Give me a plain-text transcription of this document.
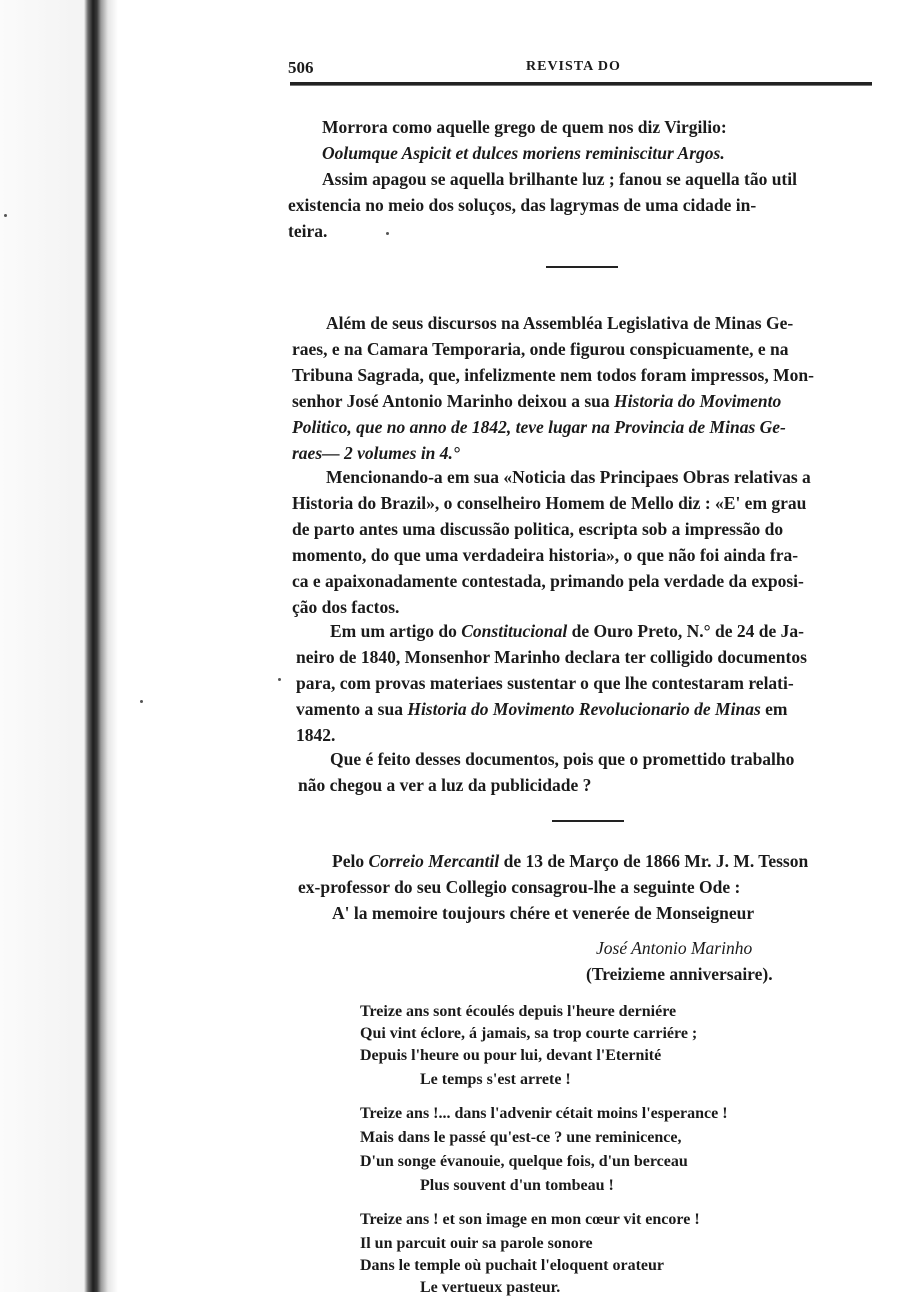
506	REVISTA DO
Morrora como aquelle grego de quem nos diz Virgilio:
Oolumque Aspicit et dulces moriens reminiscitur Argos.
Assim apagou se aquella brilhante luz ; fanou se aquella tão util
existencia no meio dos soluços, das lagrymas de uma cidade in-
teira.
Além de seus discursos na Assembléa Legislativa de Minas Ge-
raes, e na Camara Temporaria, onde figurou conspicuamente, e na
Tribuna Sagrada, que, infelizmente nem todos foram impressos, Mon-
senhor José Antonio Marinho deixou a sua Historia do Movimento
Politico, que no anno de 1842, teve lugar na Provincia de Minas Ge-
raes— 2 volumes in 4.°
Mencionando-a em sua «Noticia das Principaes Obras relativas a
Historia do Brazil», o conselheiro Homem de Mello diz : «E' em grau
de parto antes uma discussão politica, escripta sob a impressão do
momento, do que uma verdadeira historia», o que não foi ainda fra-
ca e apaixonadamente contestada, primando pela verdade da exposi-
ção dos factos.
Em um artigo do Constitucional de Ouro Preto, N.° de 24 de Ja-
neiro de 1840, Monsenhor Marinho declara ter colligido documentos
para, com provas materiaes sustentar o que lhe contestaram relati-
vamento a sua Historia do Movimento Revolucionario de Minas em
1842.
Que é feito desses documentos, pois que o promettido trabalho
não chegou a ver a luz da publicidade ?
Pelo Correio Mercantil de 13 de Março de 1866 Mr. J. M. Tesson
ex-professor do seu Collegio consagrou-lhe a seguinte Ode :
A' la memoire toujours chére et venerée de Monseigneur
José Antonio Marinho
(Treizieme anniversaire).
Treize ans sont écoulés depuis l'heure derniére
Qui vint éclore, á jamais, sa trop courte carriére ;
Depuis l'heure ou pour lui, devant l'Eternité
Le temps s'est arrete !
Treize ans !... dans l'advenir cétait moins l'esperance !
Mais dans le passé qu'est-ce ? une reminicence,
D'un songe évanouie, quelque fois, d'un berceau
Plus souvent d'un tombeau !
Treize ans ! et son image en mon cœur vit encore !
Il un parcuit ouir sa parole sonore
Dans le temple où puchait l'eloquent orateur
Le vertueux pasteur.
